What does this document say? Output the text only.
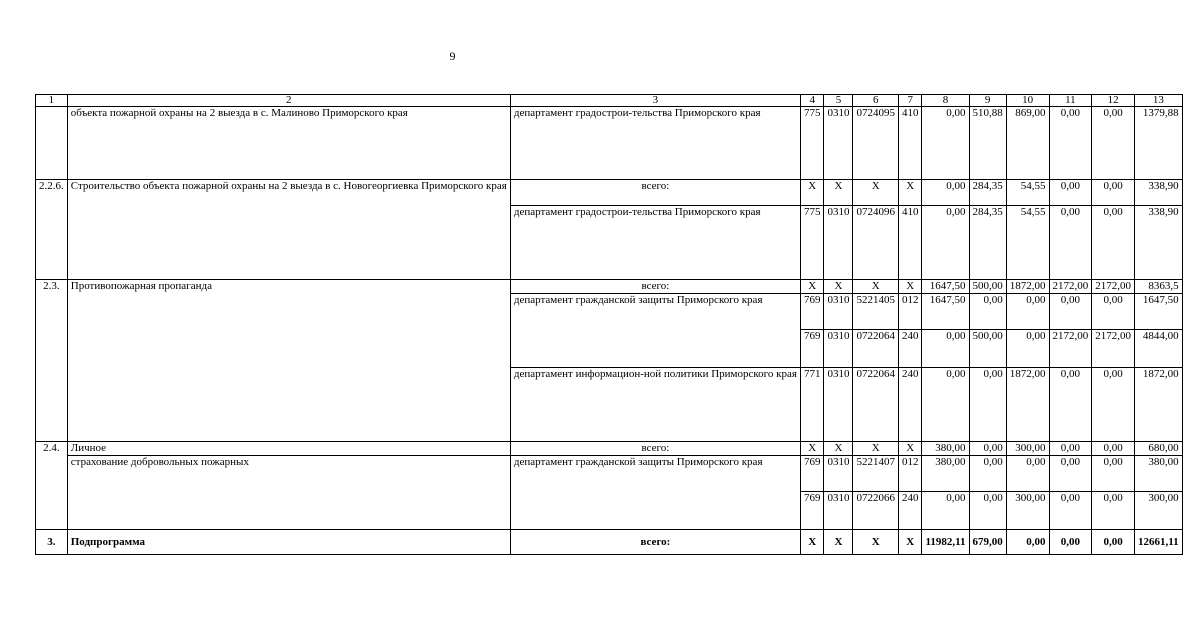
9
1	2	3	4	5	6	7	8	9	10	11	12	13
	объекта пожарной охраны на 2 выезда в с. Малиново Приморского края	департамент градострои-тельства Приморского края	775	0310	0724095	410	0,00	510,88	869,00	0,00	0,00	1379,88
2.2.6.	Строительство объекта пожарной охраны на 2 выезда в с. Новогеоргиевка Приморского края	всего:	X	X	X	X	0,00	284,35	54,55	0,00	0,00	338,90
		департамент градострои-тельства Приморского края	775	0310	0724096	410	0,00	284,35	54,55	0,00	0,00	338,90
2.3.	Противопожарная пропаганда	всего:	X	X	X	X	1647,50	500,00	1872,00	2172,00	2172,00	8363,5
		департамент гражданской защиты Приморского края	769	0310	5221405	012	1647,50	0,00	0,00	0,00	0,00	1647,50
			769	0310	0722064	240	0,00	500,00	0,00	2172,00	2172,00	4844,00
		департамент информацион-ной политики Приморского края	771	0310	0722064	240	0,00	0,00	1872,00	0,00	0,00	1872,00
2.4.	Личное	всего:	X	X	X	X	380,00	0,00	300,00	0,00	0,00	680,00
	страхование добровольных пожарных	департамент гражданской защиты Приморского края	769	0310	5221407	012	380,00	0,00	0,00	0,00	0,00	380,00
			769	0310	0722066	240	0,00	0,00	300,00	0,00	0,00	300,00
3.	Подпрограмма	всего:	X	X	X	X	11982,11	679,00	0,00	0,00	0,00	12661,11
